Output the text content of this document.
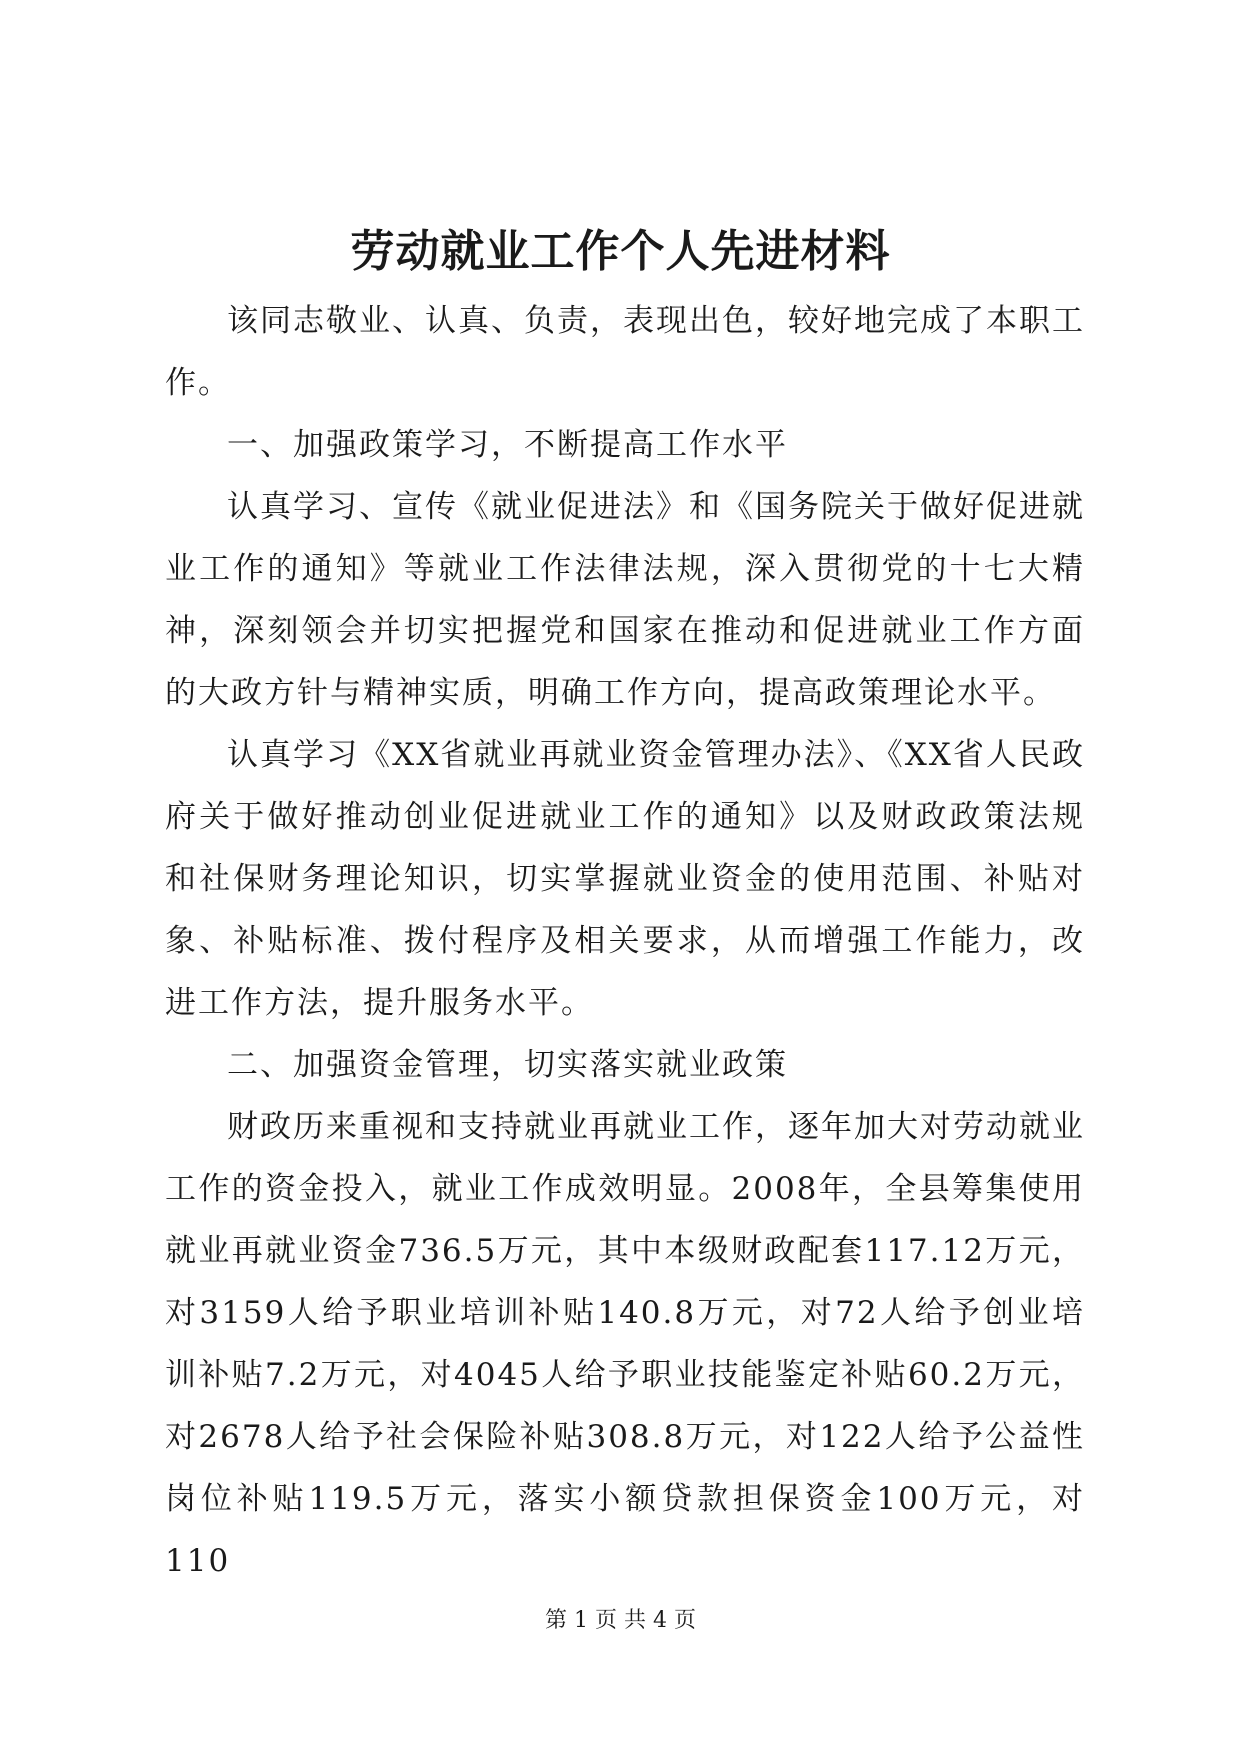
劳动就业工作个人先进材料

该同志敬业、认真、负责，表现出色，较好地完成了本职工作。

一、加强政策学习，不断提高工作水平

认真学习、宣传《就业促进法》和《国务院关于做好促进就业工作的通知》等就业工作法律法规，深入贯彻党的十七大精神，深刻领会并切实把握党和国家在推动和促进就业工作方面的大政方针与精神实质，明确工作方向，提高政策理论水平。

认真学习《XX省就业再就业资金管理办法》、《XX省人民政府关于做好推动创业促进就业工作的通知》以及财政政策法规和社保财务理论知识，切实掌握就业资金的使用范围、补贴对象、补贴标准、拨付程序及相关要求，从而增强工作能力，改进工作方法，提升服务水平。

二、加强资金管理，切实落实就业政策

财政历来重视和支持就业再就业工作，逐年加大对劳动就业工作的资金投入，就业工作成效明显。2008年，全县筹集使用就业再就业资金736.5万元，其中本级财政配套117.12万元，对3159人给予职业培训补贴140.8万元，对72人给予创业培训补贴7.2万元，对4045人给予职业技能鉴定补贴60.2万元，对2678人给予社会保险补贴308.8万元，对122人给予公益性岗位补贴119.5万元，落实小额贷款担保资金100万元，对110

第 1 页 共 4 页
